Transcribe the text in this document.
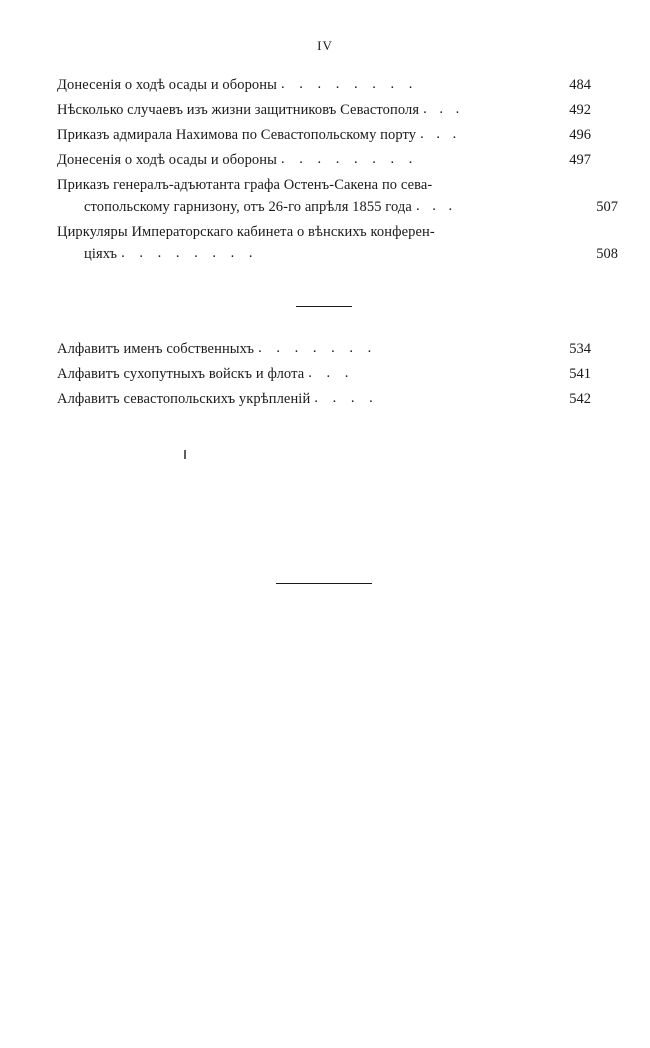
IV
Донесенія о ходѣ осады и обороны . . . . . . . .	484
Нѣсколько случаевъ изъ жизни защитниковъ Севастополя . . .	492
Приказъ адмирала Нахимова по Севастопольскому порту . . .	496
Донесенія о ходѣ осады и обороны . . . . . . . .	497
Приказъ генералъ-адъютанта графа Остенъ-Сакена по сева-
стопольскому гарнизону, отъ 26-го апрѣля 1855 года . . .	507
Циркуляры Императорскаго кабинета о вѣнскихъ конферен-
ціяхъ . . . . . . . .	508
Алфавитъ именъ собственныхъ . . . . . . .	534
Алфавитъ сухопутныхъ войскъ и флота . . .	541
Алфавитъ севастопольскихъ укрѣпленій . . . .	542
